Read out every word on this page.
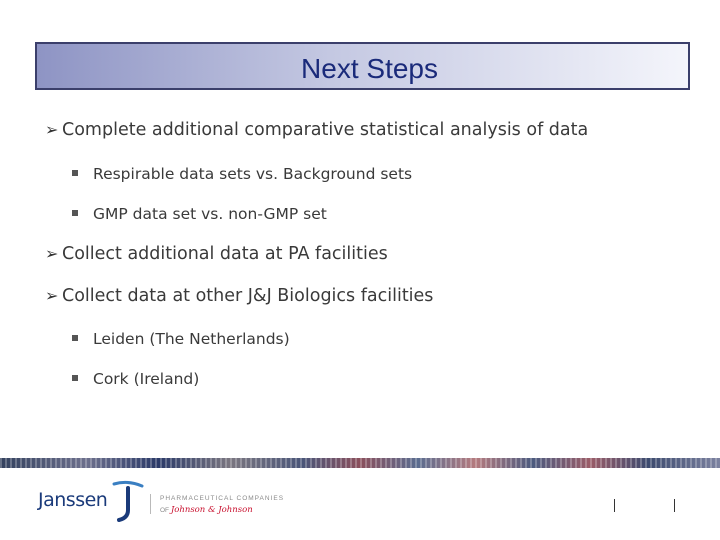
Next Steps
➢ Complete additional comparative statistical analysis of data
Respirable data sets vs. Background sets
GMP data set vs. non-GMP set
➢ Collect additional data at PA facilities
➢ Collect data at other J&J Biologics facilities
Leiden (The Netherlands)
Cork (Ireland)
Janssen	PHARMACEUTICAL COMPANIES
OF Johnson & Johnson
